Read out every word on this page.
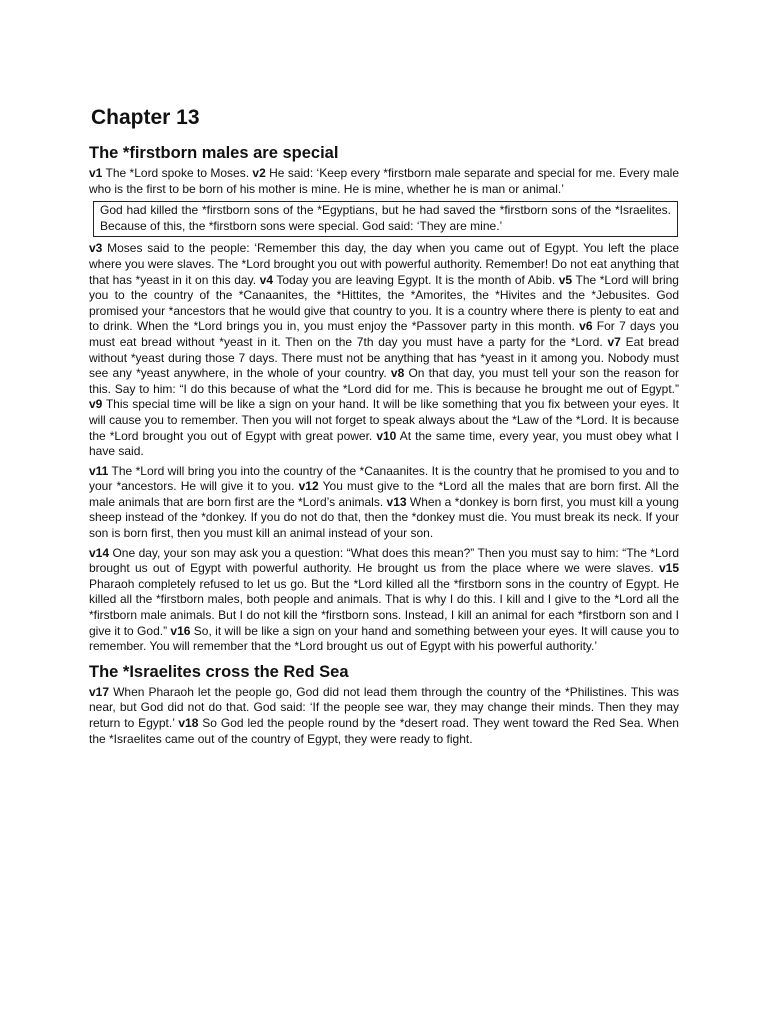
Chapter 13
The *firstborn males are special

v1 The *Lord spoke to Moses. v2 He said: ‘Keep every *firstborn male separate and special for me. Every male who is the first to be born of his mother is mine. He is mine, whether he is man or animal.’

God had killed the *firstborn sons of the *Egyptians, but he had saved the *firstborn sons of the *Israelites. Because of this, the *firstborn sons were special. God said: ‘They are mine.’

v3 Moses said to the people: ‘Remember this day, the day when you came out of Egypt. You left the place where you were slaves. The *Lord brought you out with powerful authority. Remember! Do not eat anything that that has *yeast in it on this day. v4 Today you are leaving Egypt. It is the month of Abib. v5 The *Lord will bring you to the country of the *Canaanites, the *Hittites, the *Amorites, the *Hivites and the *Jebusites. God promised your *ancestors that he would give that country to you. It is a country where there is plenty to eat and to drink. When the *Lord brings you in, you must enjoy the *Passover party in this month. v6 For 7 days you must eat bread without *yeast in it. Then on the 7th day you must have a party for the *Lord. v7 Eat bread without *yeast during those 7 days. There must not be anything that has *yeast in it among you. Nobody must see any *yeast anywhere, in the whole of your country. v8 On that day, you must tell your son the reason for this. Say to him: “I do this because of what the *Lord did for me. This is because he brought me out of Egypt.” v9 This special time will be like a sign on your hand. It will be like something that you fix between your eyes. It will cause you to remember. Then you will not forget to speak always about the *Law of the *Lord. It is because the *Lord brought you out of Egypt with great power. v10 At the same time, every year, you must obey what I have said.

v11 The *Lord will bring you into the country of the *Canaanites. It is the country that he promised to you and to your *ancestors. He will give it to you. v12 You must give to the *Lord all the males that are born first. All the male animals that are born first are the *Lord’s animals. v13 When a *donkey is born first, you must kill a young sheep instead of the *donkey. If you do not do that, then the *donkey must die. You must break its neck. If your son is born first, then you must kill an animal instead of your son.

v14 One day, your son may ask you a question: “What does this mean?” Then you must say to him: “The *Lord brought us out of Egypt with powerful authority. He brought us from the place where we were slaves. v15 Pharaoh completely refused to let us go. But the *Lord killed all the *firstborn sons in the country of Egypt. He killed all the *firstborn males, both people and animals. That is why I do this. I kill and I give to the *Lord all the *firstborn male animals. But I do not kill the *firstborn sons. Instead, I kill an animal for each *firstborn son and I give it to God.” v16 So, it will be like a sign on your hand and something between your eyes. It will cause you to remember. You will remember that the *Lord brought us out of Egypt with his powerful authority.’

The *Israelites cross the Red Sea

v17 When Pharaoh let the people go, God did not lead them through the country of the *Philistines. This was near, but God did not do that. God said: ‘If the people see war, they may change their minds. Then they may return to Egypt.’ v18 So God led the people round by the *desert road. They went toward the Red Sea. When the *Israelites came out of the country of Egypt, they were ready to fight.
